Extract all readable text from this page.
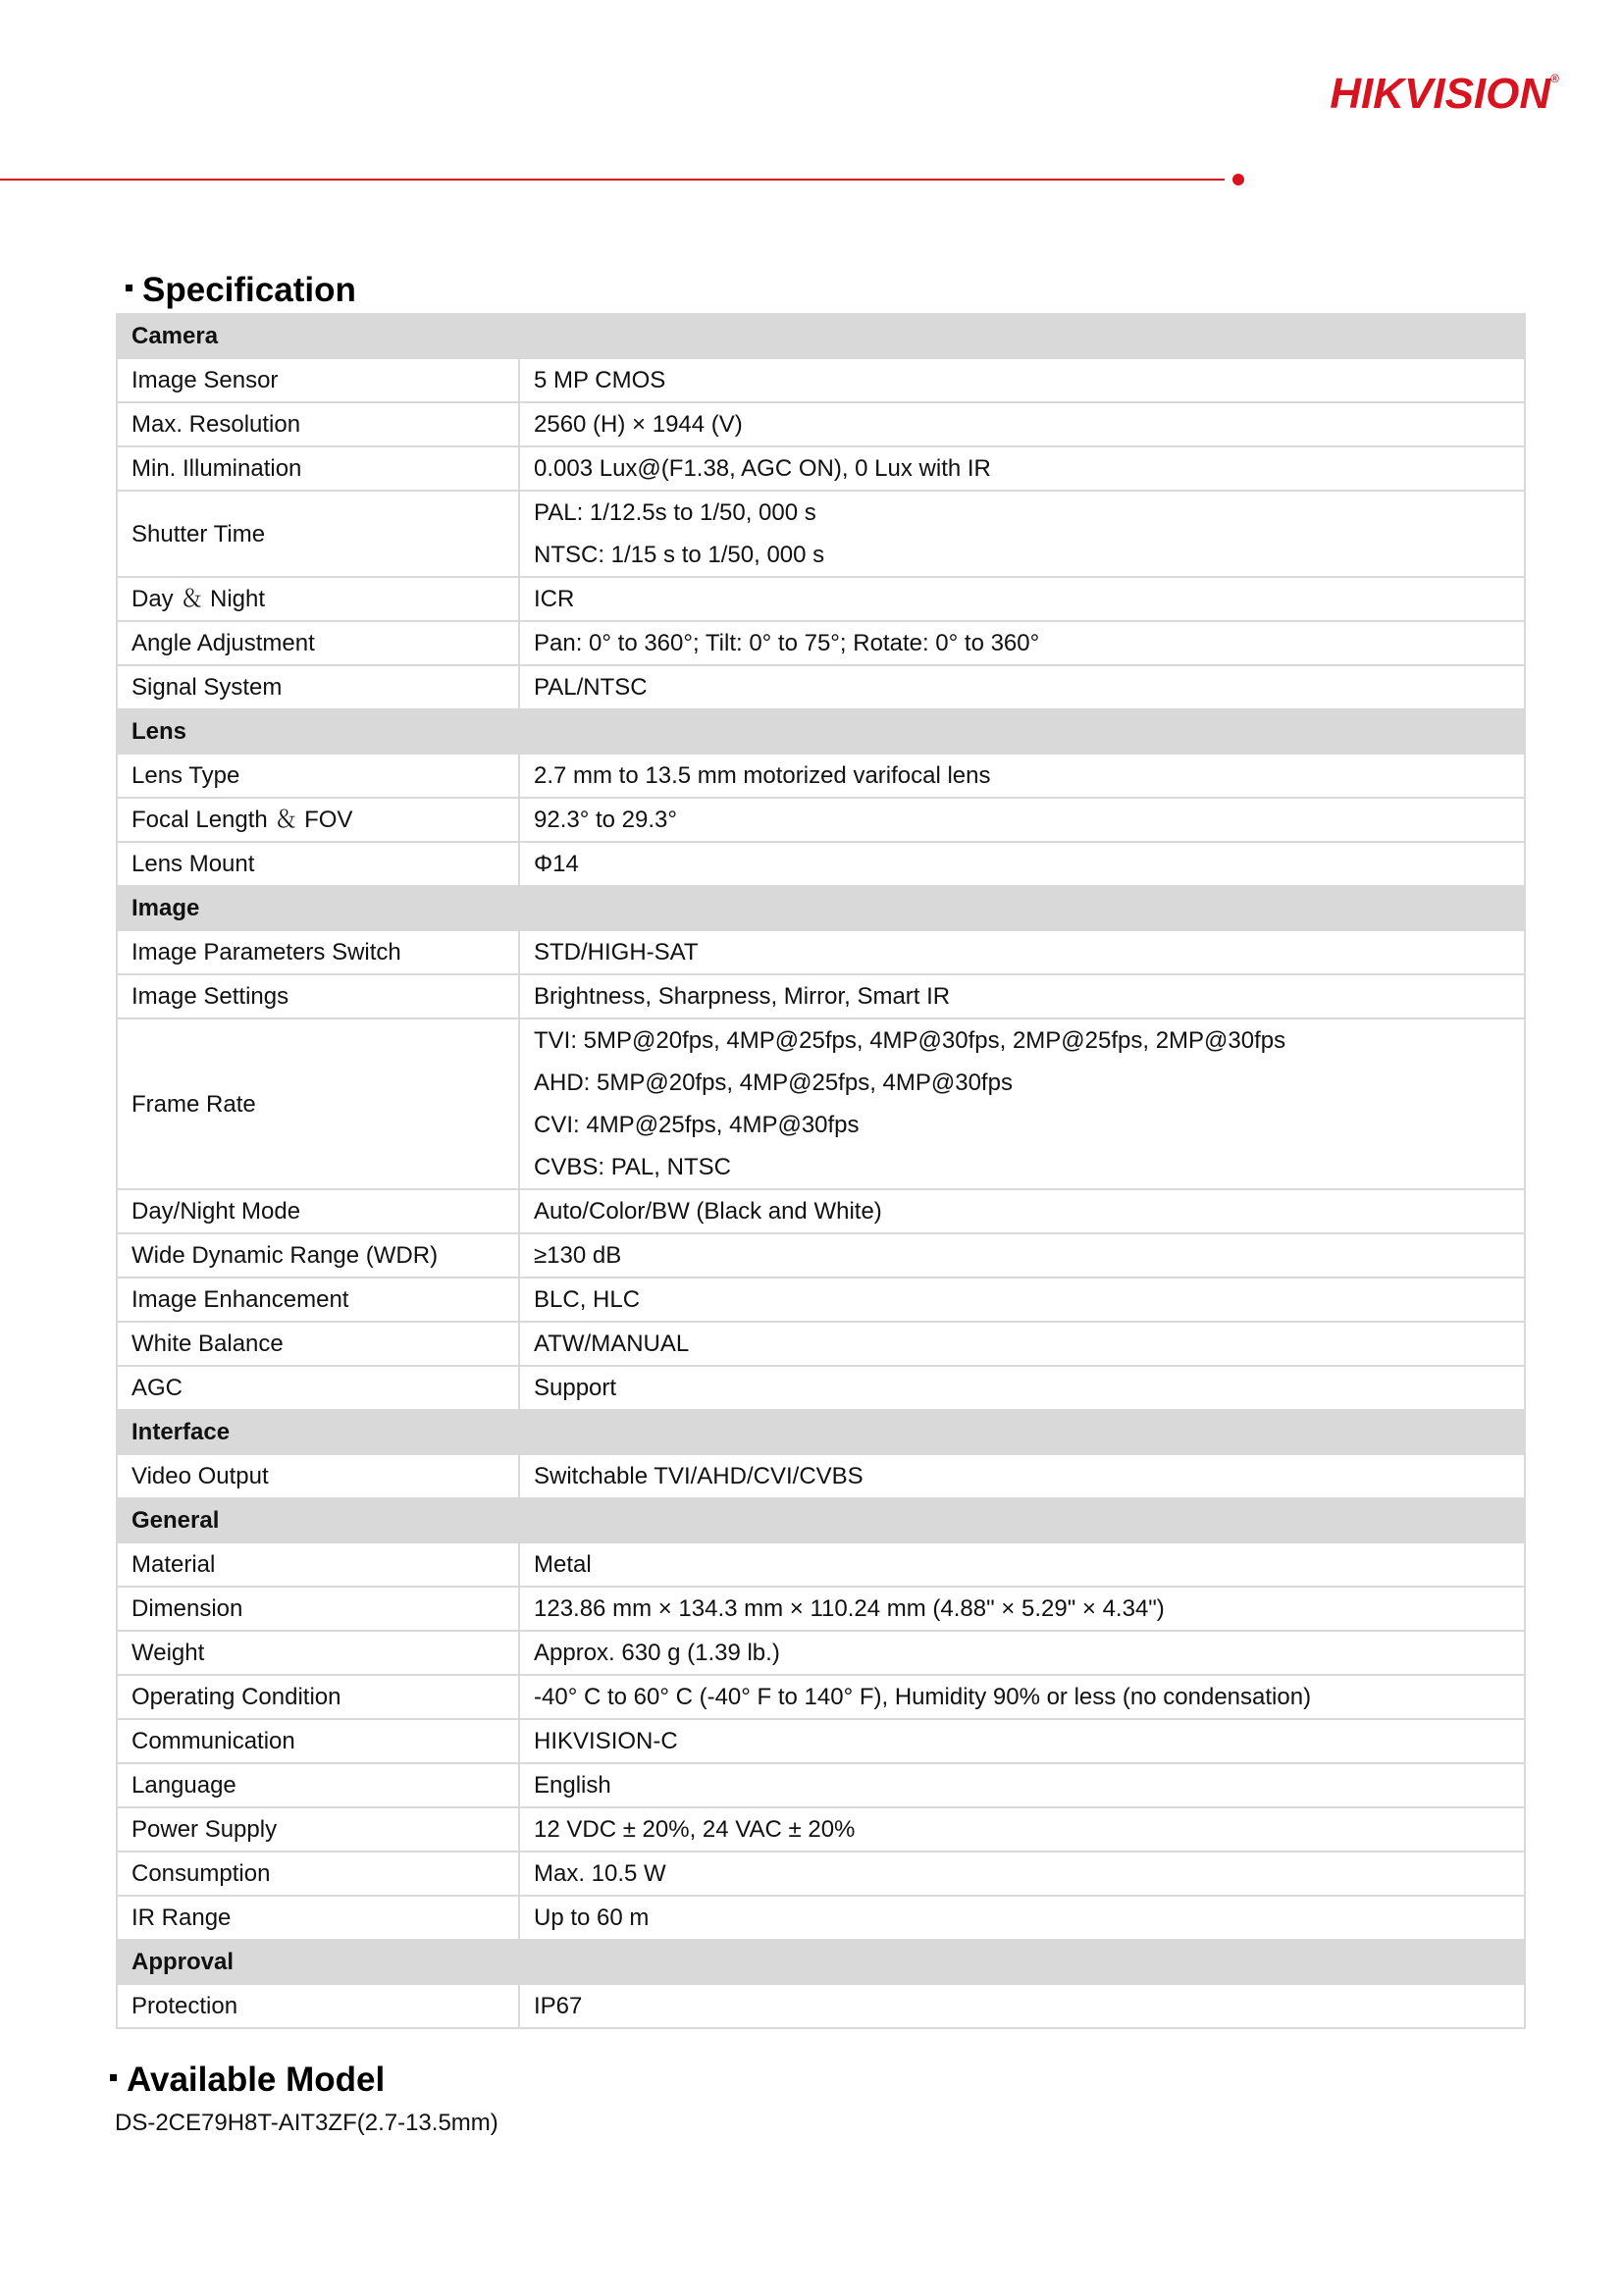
HIKVISION®
Specification
Camera	
Image Sensor	5 MP CMOS

Max. Resolution	2560 (H) × 1944 (V)

Min. Illumination	0.003 Lux@(F1.38, AGC ON), 0 Lux with IR

Shutter Time	PAL: 1/12.5s to 1/50, 000 s
NTSC: 1/15 s to 1/50, 000 s

Day ＆ Night	ICR

Angle Adjustment	Pan: 0° to 360°; Tilt: 0° to 75°; Rotate: 0° to 360°

Signal System	PAL/NTSC

Lens	
Lens Type	2.7 mm to 13.5 mm motorized varifocal lens

Focal Length ＆ FOV	92.3° to 29.3°

Lens Mount	Φ14

Image	
Image Parameters Switch	STD/HIGH-SAT

Image Settings	Brightness, Sharpness, Mirror, Smart IR

Frame Rate	TVI: 5MP@20fps, 4MP@25fps, 4MP@30fps, 2MP@25fps, 2MP@30fps
AHD: 5MP@20fps, 4MP@25fps, 4MP@30fps
CVI: 4MP@25fps, 4MP@30fps
CVBS: PAL, NTSC

Day/Night Mode	Auto/Color/BW (Black and White)

Wide Dynamic Range (WDR)	≥130 dB

Image Enhancement	BLC, HLC

White Balance	ATW/MANUAL

AGC	Support

Interface	
Video Output	Switchable TVI/AHD/CVI/CVBS

General	
Material	Metal

Dimension	123.86 mm × 134.3 mm × 110.24 mm (4.88" × 5.29" × 4.34")

Weight	Approx. 630 g (1.39 lb.)

Operating Condition	-40° C to 60° C (-40° F to 140° F), Humidity 90% or less (no condensation)

Communication	HIKVISION-C

Language	English

Power Supply	12 VDC ± 20%, 24 VAC ± 20%

Consumption	Max. 10.5 W

IR Range	Up to 60 m

Approval	
Protection	IP67
Available Model
DS-2CE79H8T-AIT3ZF(2.7-13.5mm)
